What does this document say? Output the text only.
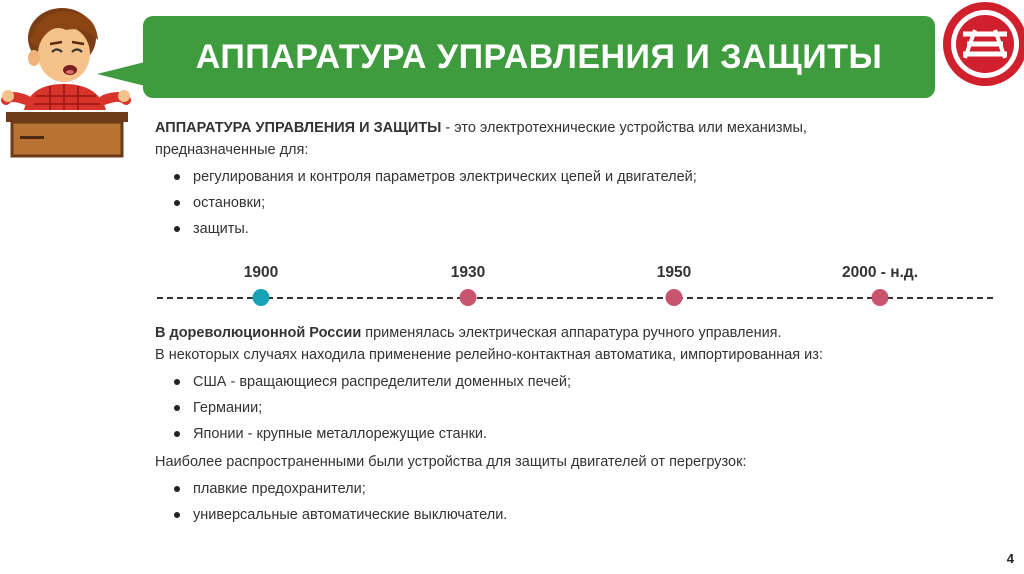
АППАРАТУРА УПРАВЛЕНИЯ И ЗАЩИТЫ
АППАРАТУРА УПРАВЛЕНИЯ И ЗАЩИТЫ - это электротехнические устройства или механизмы,
предназначенные для:
регулирования и контроля параметров электрических цепей и двигателей;
остановки;
защиты.
1900	1930	1950	2000 - н.д.
В дореволюционной России применялась электрическая аппаратура ручного управления.
В некоторых случаях находила применение релейно-контактная автоматика, импортированная из:
США - вращающиеся распределители доменных печей;
Германии;
Японии - крупные металлорежущие станки.
Наиболее распространенными были устройства для защиты двигателей от перегрузок:
плавкие предохранители;
универсальные автоматические выключатели.
4
